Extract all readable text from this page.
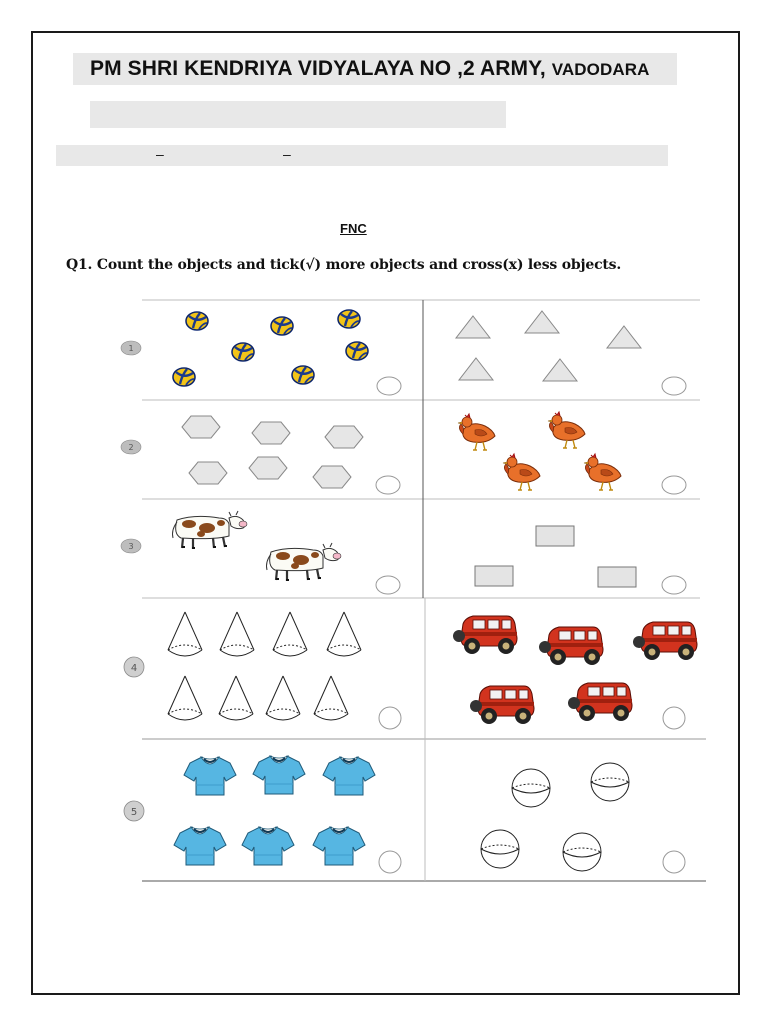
PM SHRI KENDRIYA VIDYALAYA NO ,2 ARMY, VADODARA
–	–
FNC
Q1. Count the objects and tick(√) more objects and cross(x) less objects.
1
2
3
4
5
